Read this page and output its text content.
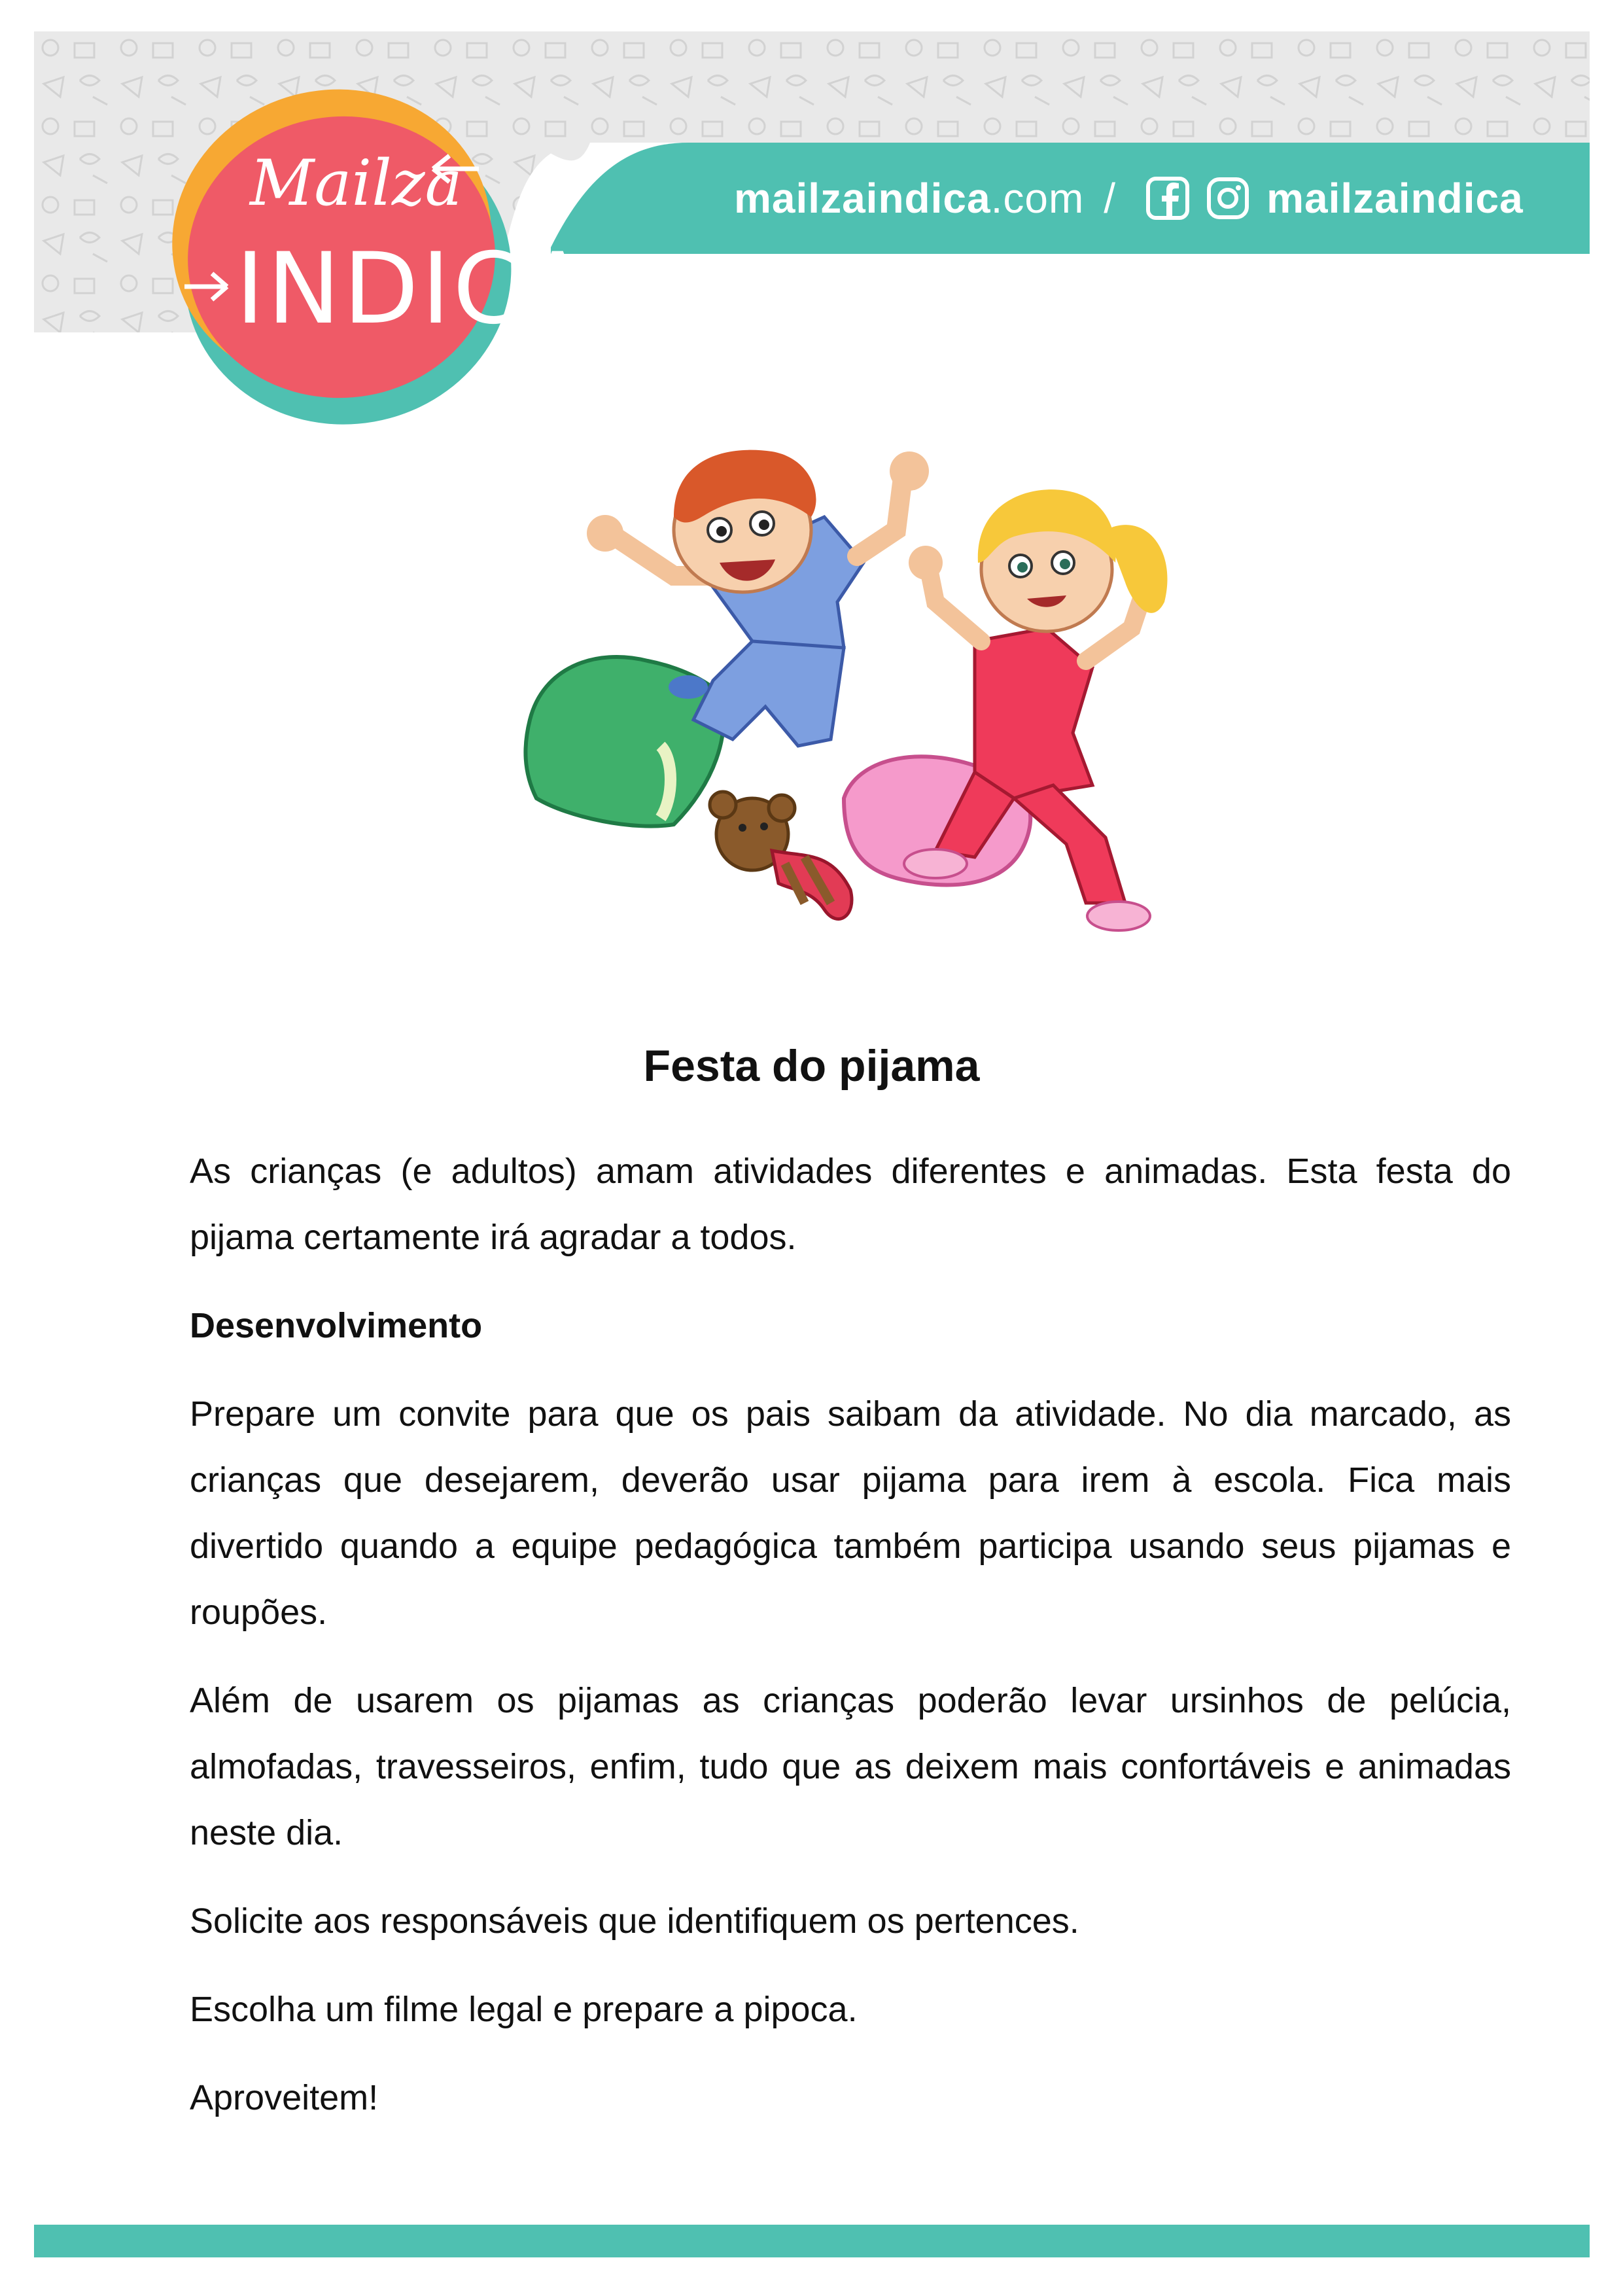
Mailza
INDICA
mailzaindica .com /	mailzaindica
Festa do pijama

As crianças (e adultos) amam atividades diferentes e animadas. Esta festa do pijama certamente irá agradar a todos.

Desenvolvimento

Prepare um convite para que os pais saibam da atividade. No dia marcado, as crianças que desejarem, deverão usar pijama para irem à escola. Fica mais divertido quando a equipe pedagógica também participa usando seus pijamas e roupões.

Além de usarem os pijamas as crianças poderão levar ursinhos de pelúcia, almofadas, travesseiros, enfim, tudo que as deixem mais confortáveis e animadas neste dia.

Solicite aos responsáveis que identifiquem os pertences.

Escolha um filme legal e prepare a pipoca.

Aproveitem!
